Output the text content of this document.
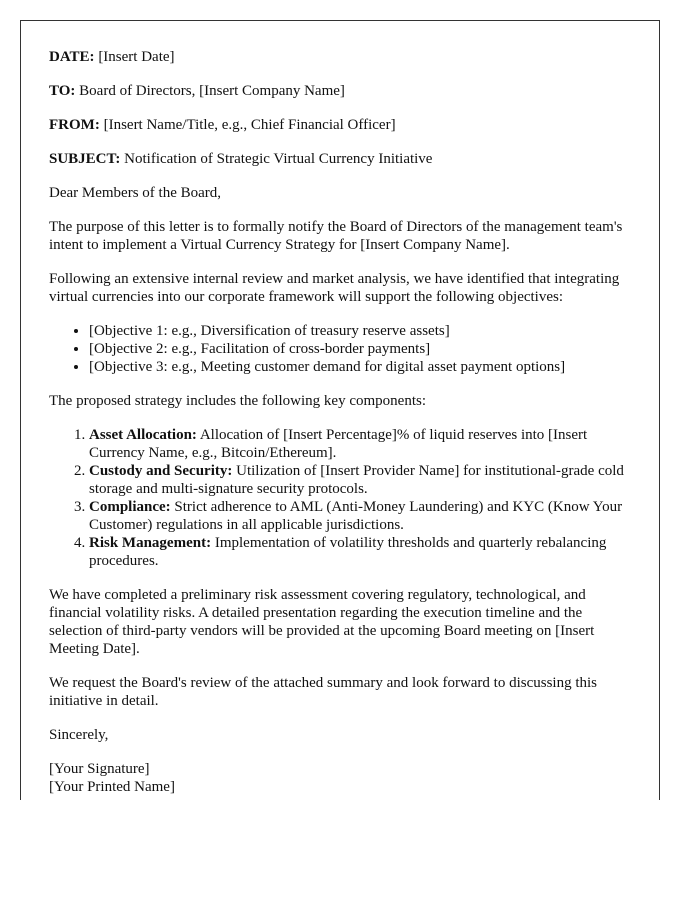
DATE: [Insert Date]

TO: Board of Directors, [Insert Company Name]

FROM: [Insert Name/Title, e.g., Chief Financial Officer]

SUBJECT: Notification of Strategic Virtual Currency Initiative

Dear Members of the Board,

The purpose of this letter is to formally notify the Board of Directors of the management team's intent to implement a Virtual Currency Strategy for [Insert Company Name].

Following an extensive internal review and market analysis, we have identified that integrating virtual currencies into our corporate framework will support the following objectives:

• [Objective 1: e.g., Diversification of treasury reserve assets]
• [Objective 2: e.g., Facilitation of cross-border payments]
• [Objective 3: e.g., Meeting customer demand for digital asset payment options]

The proposed strategy includes the following key components:

1. Asset Allocation: Allocation of [Insert Percentage]% of liquid reserves into [Insert Currency Name, e.g., Bitcoin/Ethereum].
2. Custody and Security: Utilization of [Insert Provider Name] for institutional-grade cold storage and multi-signature security protocols.
3. Compliance: Strict adherence to AML (Anti-Money Laundering) and KYC (Know Your Customer) regulations in all applicable jurisdictions.
4. Risk Management: Implementation of volatility thresholds and quarterly rebalancing procedures.

We have completed a preliminary risk assessment covering regulatory, technological, and financial volatility risks. A detailed presentation regarding the execution timeline and the selection of third-party vendors will be provided at the upcoming Board meeting on [Insert Meeting Date].

We request the Board's review of the attached summary and look forward to discussing this initiative in detail.

Sincerely,

[Your Signature]
[Your Printed Name]
